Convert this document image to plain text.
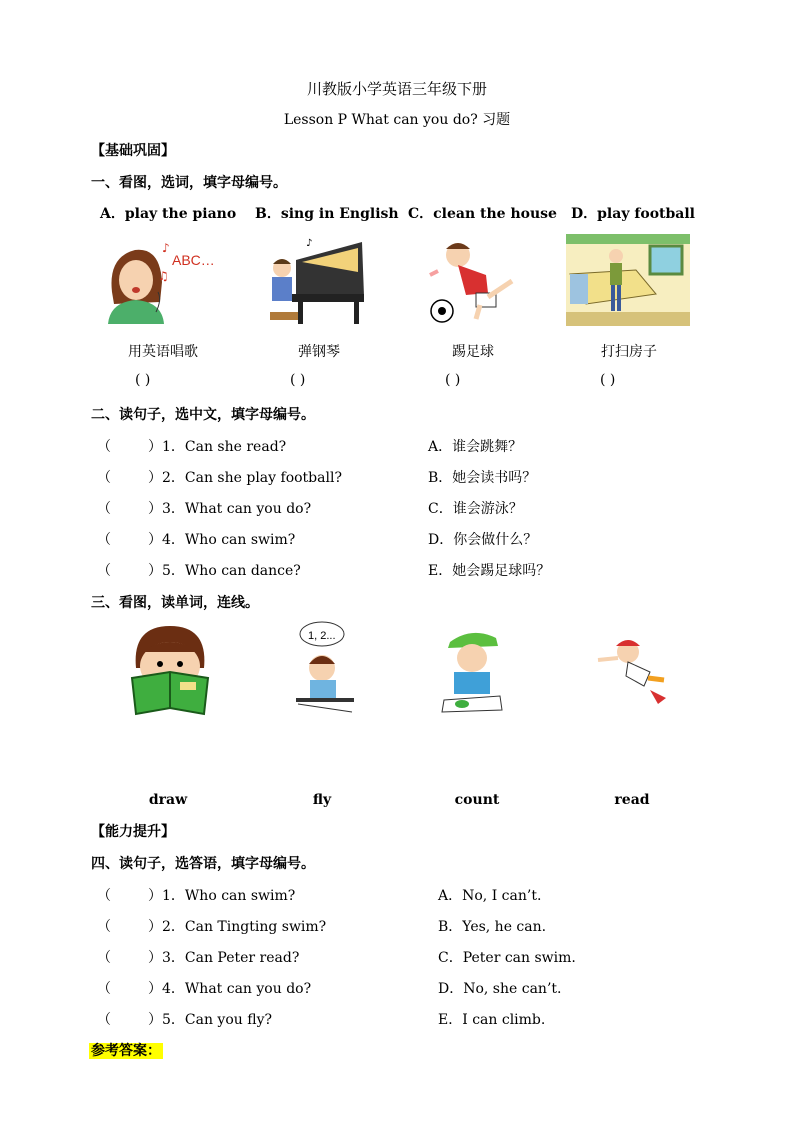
川教版小学英语三年级下册
Lesson P What can you do? 习题
【基础巩固】
一、看图，选词，填字母编号。
A．play the piano B．sing in English C．clean the house D．play football
ABC…
♪
♫
♪
用英语唱歌	弹钢琴	踢足球	打扫房子
( )	( )	( )	( )
二、读句子，选中文，填字母编号。
（	）1．Can she read?	A．谁会跳舞？
（	）2．Can she play football?	B．她会读书吗？
（	）3．What can you do?	C．谁会游泳？
（	）4．Who can swim?	D．你会做什么？
（	）5．Who can dance?	E．她会踢足球吗？
三、看图，读单词，连线。
1, 2...
draw	fly	count	read
【能力提升】
四、读句子，选答语，填字母编号。
（	）1．Who can swim?	A．No, I can’t.
（	）2．Can Tingting swim?	B．Yes, he can.
（	）3．Can Peter read?	C．Peter can swim.
（	）4．What can you do?	D．No, she can’t.
（	）5．Can you fly?	E．I can climb.
参考答案：
